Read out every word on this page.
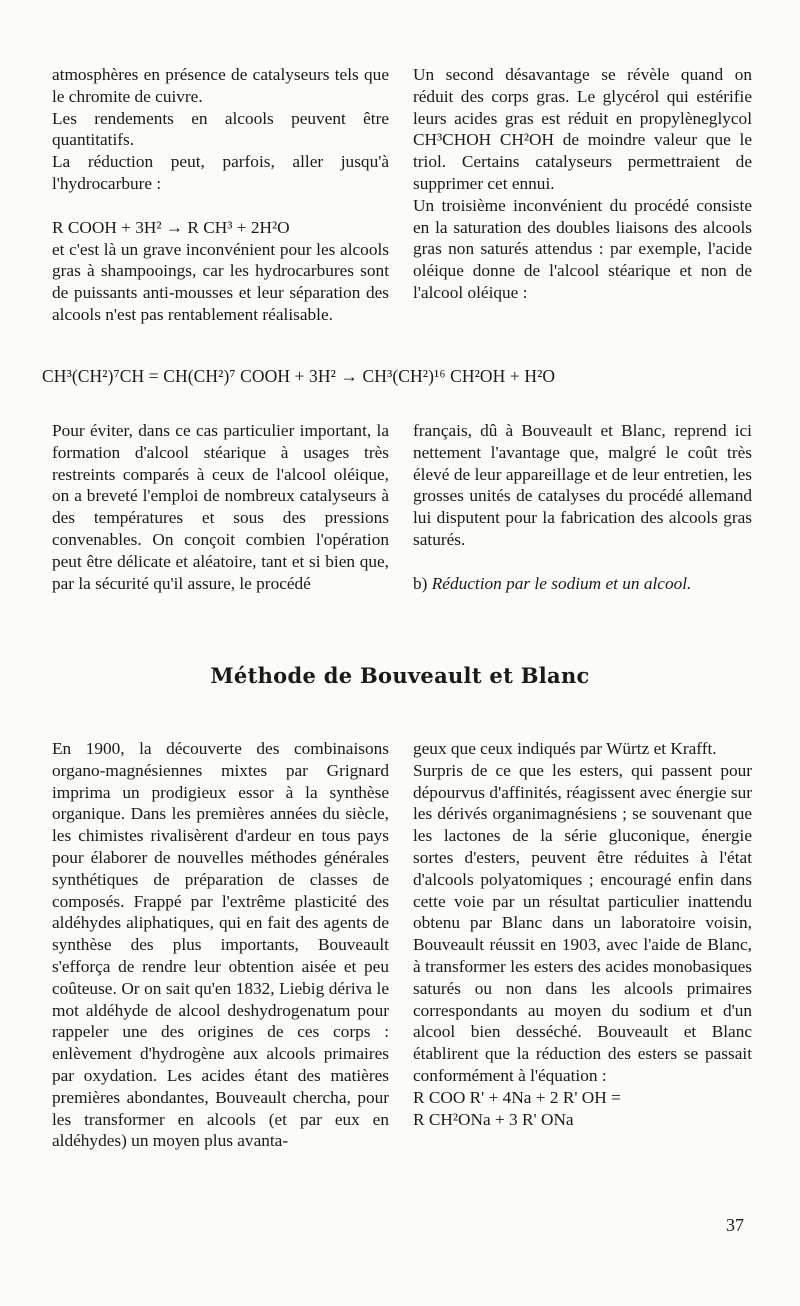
atmosphères en présence de catalyseurs tels que le chromite de cuivre.

Les rendements en alcools peuvent être quantitatifs.

La réduction peut, parfois, aller jusqu'à l'hydrocarbure :

R COOH + 3H² → R CH³ + 2H²O

et c'est là un grave inconvénient pour les alcools gras à shampooings, car les hydrocarbures sont de puissants anti-mousses et leur séparation des alcools n'est pas rentablement réalisable.

Un second désavantage se révèle quand on réduit des corps gras. Le glycérol qui estérifie leurs acides gras est réduit en propylèneglycol CH³CHOH CH²OH de moindre valeur que le triol. Certains catalyseurs permettraient de supprimer cet ennui.

Un troisième inconvénient du procédé consiste en la saturation des doubles liaisons des alcools gras non saturés attendus : par exemple, l'acide oléique donne de l'alcool stéarique et non de l'alcool oléique :

CH³(CH²)⁷CH = CH(CH²)⁷ COOH + 3H² → CH³(CH²)¹⁶ CH²OH + H²O

Pour éviter, dans ce cas particulier important, la formation d'alcool stéarique à usages très restreints comparés à ceux de l'alcool oléique, on a breveté l'emploi de nombreux catalyseurs à des températures et sous des pressions convenables. On conçoit combien l'opération peut être délicate et aléatoire, tant et si bien que, par la sécurité qu'il assure, le procédé

français, dû à Bouveault et Blanc, reprend ici nettement l'avantage que, malgré le coût très élevé de leur appareillage et de leur entretien, les grosses unités de catalyses du procédé allemand lui disputent pour la fabrication des alcools gras saturés.

b) Réduction par le sodium et un alcool.

Méthode de Bouveault et Blanc

En 1900, la découverte des combinaisons organo-magnésiennes mixtes par Grignard imprima un prodigieux essor à la synthèse organique. Dans les premières années du siècle, les chimistes rivalisèrent d'ardeur en tous pays pour élaborer de nouvelles méthodes générales synthétiques de préparation de classes de composés. Frappé par l'extrême plasticité des aldéhydes aliphatiques, qui en fait des agents de synthèse des plus importants, Bouveault s'efforça de rendre leur obtention aisée et peu coûteuse. Or on sait qu'en 1832, Liebig dériva le mot aldéhyde de alcool deshydrogenatum pour rappeler une des origines de ces corps : enlèvement d'hydrogène aux alcools primaires par oxydation. Les acides étant des matières premières abondantes, Bouveault chercha, pour les transformer en alcools (et par eux en aldéhydes) un moyen plus avanta-

geux que ceux indiqués par Würtz et Krafft.

Surpris de ce que les esters, qui passent pour dépourvus d'affinités, réagissent avec énergie sur les dérivés organimagnésiens ; se souvenant que les lactones de la série gluconique, énergie sortes d'esters, peuvent être réduites à l'état d'alcools polyatomiques ; encouragé enfin dans cette voie par un résultat particulier inattendu obtenu par Blanc dans un laboratoire voisin, Bouveault réussit en 1903, avec l'aide de Blanc, à transformer les esters des acides monobasiques saturés ou non dans les alcools primaires correspondants au moyen du sodium et d'un alcool bien desséché. Bouveault et Blanc établirent que la réduction des esters se passait conformément à l'équation :

R COO R' + 4Na + 2 R' OH =

R CH²ONa + 3 R' ONa

37
